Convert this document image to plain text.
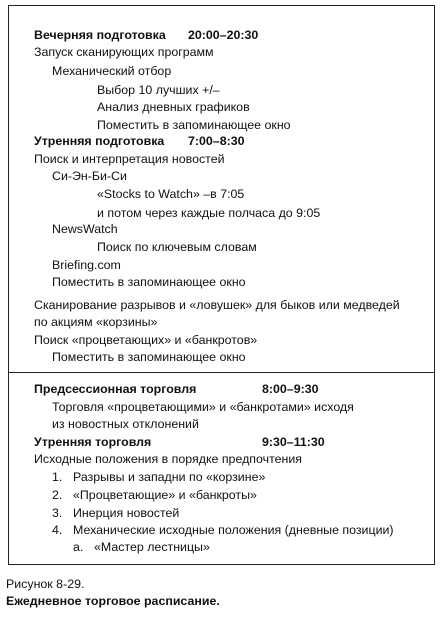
Вечерняя подготовка 20:00–20:30
Запуск сканирующих программ
Механический отбор
Выбор 10 лучших +/–
Анализ дневных графиков
Поместить в запоминающее окно
Утренняя подготовка 7:00–8:30
Поиск и интерпретация новостей
Си-Эн-Би-Си
«Stocks to Watch» –в 7:05
и потом через каждые полчаса до 9:05
NewsWatch
Поиск по ключевым словам
Briefing.com
Поместить в запоминающее окно
Сканирование разрывов и «ловушек» для быков или медведей
по акциям «корзины»
Поиск «процветающих» и «банкротов»
Поместить в запоминающее окно
Предсессионная торговля	8:00–9:30
Торговля «процветающими» и «банкротами» исходя
из новостных отклонений
Утренняя торговля	9:30–11:30
Исходные положения в порядке предпочтения
1. Разрывы и западни по «корзине»
2. «Процветающие» и «банкроты»
3. Инерция новостей
4. Механические исходные положения (дневные позиции)
a. «Мастер лестницы»
Рисунок 8-29.
Ежедневное торговое расписание.
